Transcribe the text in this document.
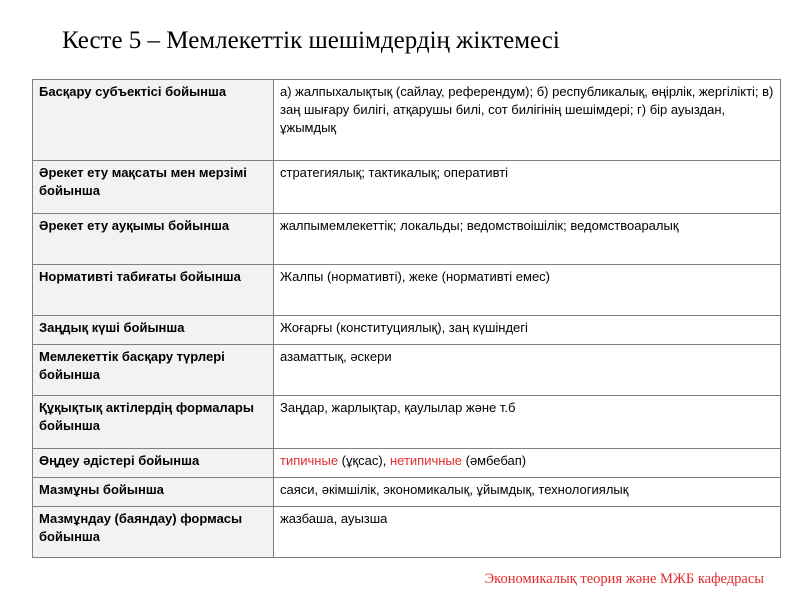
Кесте 5 – Мемлекеттік шешімдердің жіктемесі
Басқару субъектісі бойынша	а) жалпыхалықтық (сайлау, референдум); б) республикалық, өңірлік, жергілікті; в) заң шығару билігі, атқарушы билі, сот билігінің шешімдері; г) бір ауыздан, ұжымдық
Әрекет ету мақсаты мен мерзімі бойынша	стратегиялық; тактикалық; оперативті
Әрекет ету ауқымы бойынша	жалпымемлекеттік; локальды; ведомствоішілік; ведомствоаралық
Нормативті табиғаты бойынша	Жалпы (нормативті), жеке (нормативті емес)
Заңдық күші бойынша	Жоғарғы (конституциялық), заң күшіндегі
Мемлекеттік басқару түрлері бойынша	азаматтық, әскери
Құқықтық актілердің формалары бойынша	Заңдар, жарлықтар, қаулылар және т.б
Өңдеу әдістері бойынша	типичные (ұқсас), нетипичные (әмбебап)
Мазмұны бойынша	саяси, әкімшілік, экономикалық, ұйымдық, технологиялық
Мазмұндау (баяндау) формасы бойынша	жазбаша, ауызша
Экономикалық теория және МЖБ кафедрасы
